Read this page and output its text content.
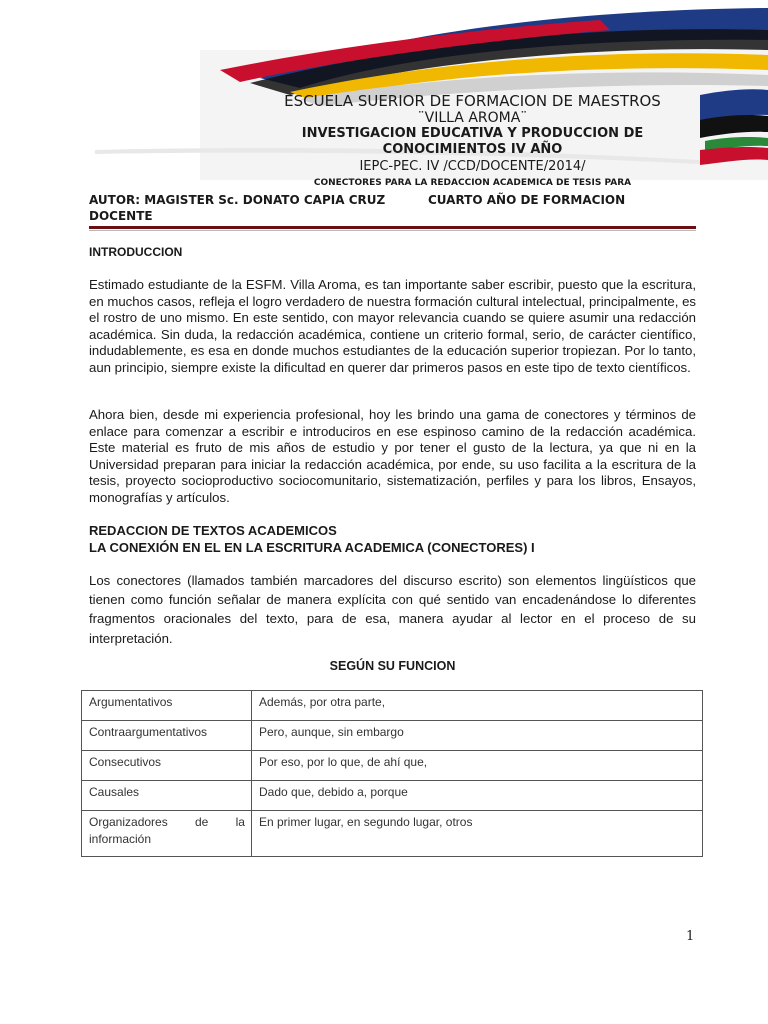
ESCUELA SUERIOR DE FORMACION DE MAESTROS
¨VILLA AROMA¨
INVESTIGACION EDUCATIVA Y PRODUCCION DE
CONOCIMIENTOS IV AÑO
IEPC-PEC. IV /CCD/DOCENTE/2014/
CONECTORES PARA LA REDACCION ACADEMICA DE TESIS PARA
AUTOR: MAGISTER Sc. DONATO CAPIA CRUZ	CUARTO AÑO DE FORMACION
DOCENTE
INTRODUCCION
Estimado estudiante de la ESFM. Villa Aroma, es tan importante saber escribir, puesto que la escritura, en muchos casos, refleja el logro verdadero de nuestra formación cultural intelectual, principalmente, es el rostro de uno mismo. En este sentido, con mayor relevancia cuando se quiere asumir una redacción académica. Sin duda, la redacción académica, contiene un criterio formal, serio, de carácter científico, indudablemente, es esa en donde muchos estudiantes de la educación superior tropiezan. Por lo tanto, aun principio, siempre existe la dificultad en querer dar primeros pasos en este tipo de texto científicos.
Ahora bien, desde mi experiencia profesional, hoy les brindo una gama de conectores y términos de enlace para comenzar a escribir e introduciros en ese espinoso camino de la redacción académica. Este material es fruto de mis años de estudio y por tener el gusto de la lectura, ya que ni en la Universidad preparan para iniciar la redacción académica, por ende, su uso facilita a la escritura de la tesis, proyecto socioproductivo sociocomunitario, sistematización, perfiles y para los libros, Ensayos, monografías y artículos.
REDACCION DE TEXTOS ACADEMICOS
LA CONEXIÓN EN EL EN LA ESCRITURA ACADEMICA (CONECTORES) I
Los conectores (llamados también marcadores del discurso escrito) son elementos lingüísticos que tienen como función señalar de manera explícita con qué sentido van encadenándose lo diferentes fragmentos oracionales del texto, para de esa, manera ayudar al lector en el proceso de su interpretación.
SEGÚN SU FUNCION
Argumentativos	Además, por otra parte,
Contraargumentativos	Pero, aunque, sin embargo
Consecutivos	Por eso, por lo que, de ahí que,
Causales	Dado que, debido a, porque

Organizadores de la
información	En primer lugar, en segundo lugar, otros
1
